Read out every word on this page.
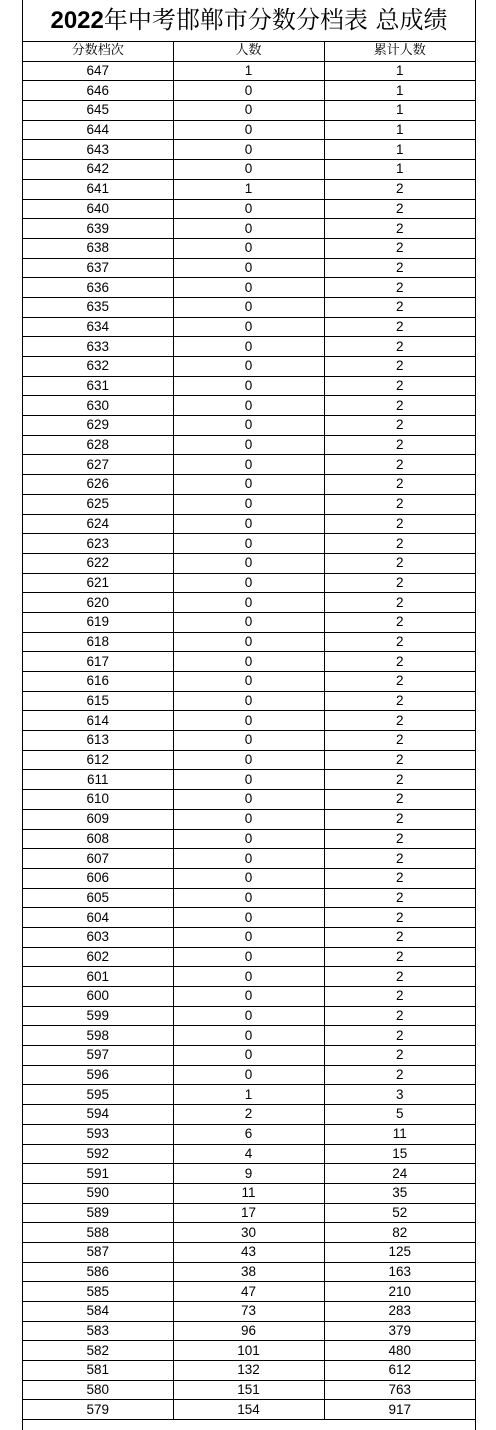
2022年中考邯郸市分数分档表 总成绩
分数档次	人数	累计人数
647	1	1
646	0	1
645	0	1
644	0	1
643	0	1
642	0	1
641	1	2
640	0	2
639	0	2
638	0	2
637	0	2
636	0	2
635	0	2
634	0	2
633	0	2
632	0	2
631	0	2
630	0	2
629	0	2
628	0	2
627	0	2
626	0	2
625	0	2
624	0	2
623	0	2
622	0	2
621	0	2
620	0	2
619	0	2
618	0	2
617	0	2
616	0	2
615	0	2
614	0	2
613	0	2
612	0	2
611	0	2
610	0	2
609	0	2
608	0	2
607	0	2
606	0	2
605	0	2
604	0	2
603	0	2
602	0	2
601	0	2
600	0	2
599	0	2
598	0	2
597	0	2
596	0	2
595	1	3
594	2	5
593	6	11
592	4	15
591	9	24
590	11	35
589	17	52
588	30	82
587	43	125
586	38	163
585	47	210
584	73	283
583	96	379
582	101	480
581	132	612
580	151	763
579	154	917
